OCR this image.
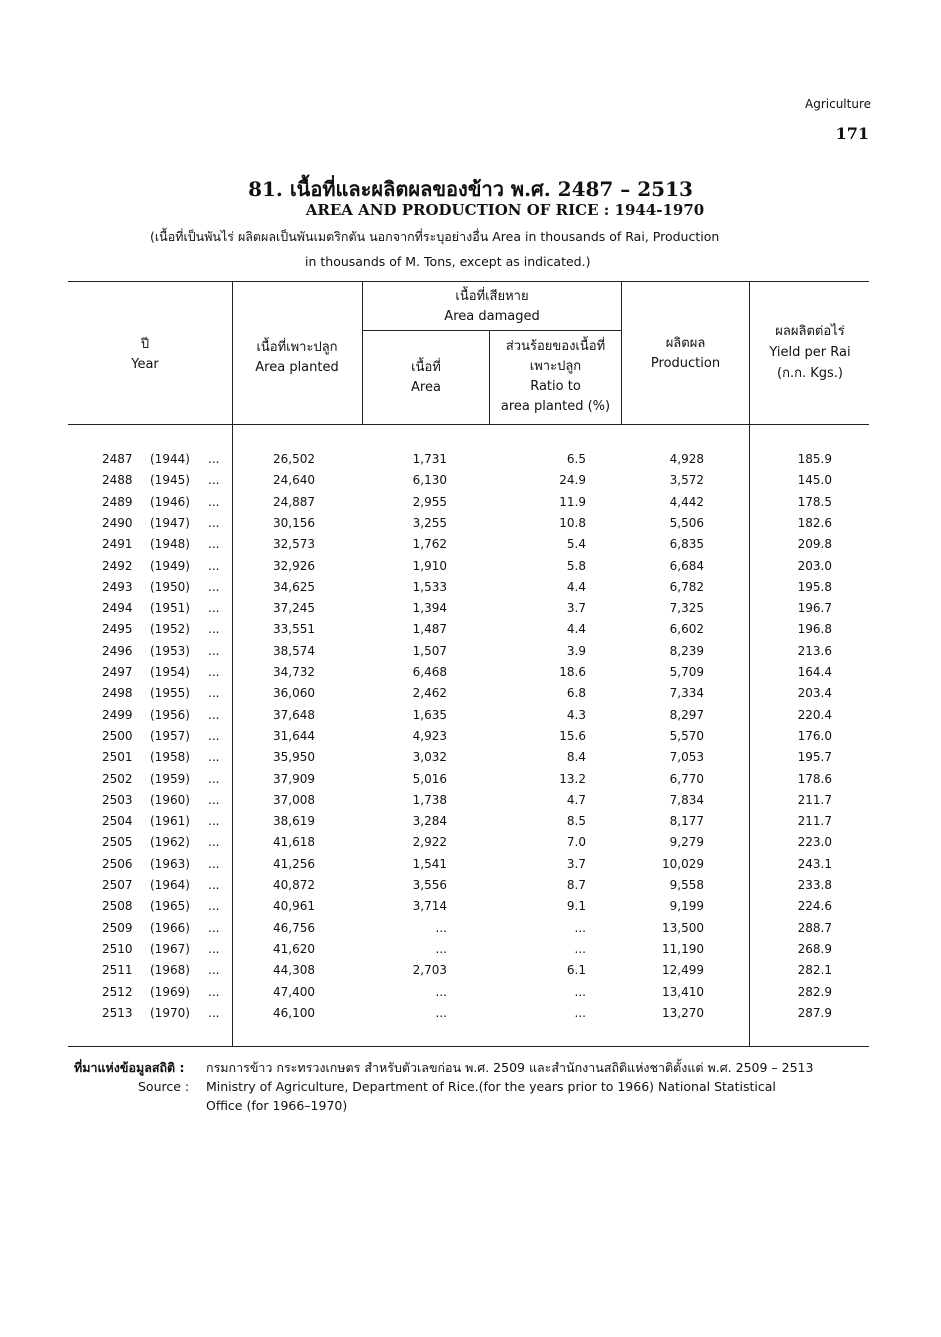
Agriculture
171
81. เนื้อที่และผลิตผลของข้าว พ.ศ. 2487 – 2513
AREA AND PRODUCTION OF RICE : 1944-1970
(เนื้อที่เป็นพันไร่ ผลิตผลเป็นพันเมตริกตัน นอกจากที่ระบุอย่างอื่น Area in thousands of Rai, Production
in thousands of M. Tons, except as indicated.)
ปี
Year
เนื้อที่เพาะปลูก
Area planted
เนื้อที่เสียหาย
Area damaged
เนื้อที่
Area
ส่วนร้อยของเนื้อที่
เพาะปลูก
Ratio to
area planted (%)
ผลิตผล
Production
ผลผลิตต่อไร่
Yield per Rai
(ก.ก. Kgs.)
2487 (1944)	...	26,502	1,731	6.5	4,928	185.9
2488 (1945)	...	24,640	6,130	24.9	3,572	145.0
2489 (1946)	...	24,887	2,955	11.9	4,442	178.5
2490 (1947)	...	30,156	3,255	10.8	5,506	182.6
2491 (1948)	...	32,573	1,762	5.4	6,835	209.8
2492 (1949)	...	32,926	1,910	5.8	6,684	203.0
2493 (1950)	...	34,625	1,533	4.4	6,782	195.8
2494 (1951)	...	37,245	1,394	3.7	7,325	196.7
2495 (1952)	...	33,551	1,487	4.4	6,602	196.8
2496 (1953)	...	38,574	1,507	3.9	8,239	213.6
2497 (1954)	...	34,732	6,468	18.6	5,709	164.4
2498 (1955)	...	36,060	2,462	6.8	7,334	203.4
2499 (1956)	...	37,648	1,635	4.3	8,297	220.4
2500 (1957)	...	31,644	4,923	15.6	5,570	176.0
2501 (1958)	...	35,950	3,032	8.4	7,053	195.7
2502 (1959)	...	37,909	5,016	13.2	6,770	178.6
2503 (1960)	...	37,008	1,738	4.7	7,834	211.7
2504 (1961)	...	38,619	3,284	8.5	8,177	211.7
2505 (1962)	...	41,618	2,922	7.0	9,279	223.0
2506 (1963)	...	41,256	1,541	3.7	10,029	243.1
2507 (1964)	...	40,872	3,556	8.7	9,558	233.8
2508 (1965)	...	40,961	3,714	9.1	9,199	224.6
2509 (1966)	...	46,756	...	...	13,500	288.7
2510 (1967)	...	41,620	...	...	11,190	268.9
2511 (1968)	...	44,308	2,703	6.1	12,499	282.1
2512 (1969)	...	47,400	...	...	13,410	282.9
2513 (1970)	...	46,100	...	...	13,270	287.9
ที่มาแห่งข้อมูลสถิติ : กรมการข้าว กระทรวงเกษตร สำหรับตัวเลขก่อน พ.ศ. 2509 และสำนักงานสถิติแห่งชาติตั้งแต่ พ.ศ. 2509 – 2513
Source : Ministry of Agriculture, Department of Rice.(for the years prior to 1966) National Statistical
Office (for 1966–1970)
